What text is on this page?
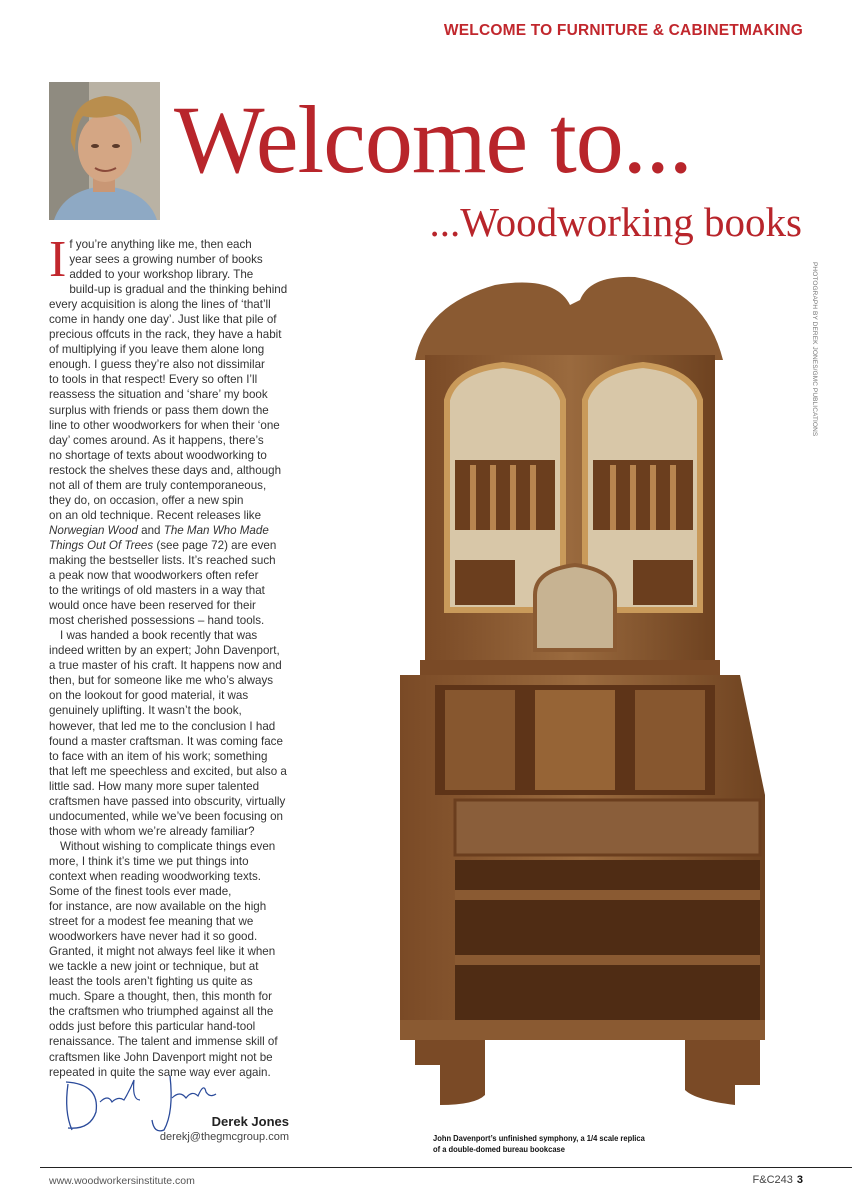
WELCOME TO FURNITURE & CABINETMAKING
Welcome to...
...Woodworking books
I f you’re anything like me, then each
year sees a growing number of books
added to your workshop library. The
build-up is gradual and the thinking behind
every acquisition is along the lines of ‘that’ll
come in handy one day’. Just like that pile of
precious offcuts in the rack, they have a habit
of multiplying if you leave them alone long
enough. I guess they’re also not dissimilar
to tools in that respect! Every so often I’ll
reassess the situation and ‘share’ my book
surplus with friends or pass them down the
line to other woodworkers for when their ‘one
day’ comes around. As it happens, there’s
no shortage of texts about woodworking to
restock the shelves these days and, although
not all of them are truly contemporaneous,
they do, on occasion, offer a new spin
on an old technique. Recent releases like
Norwegian Wood and The Man Who Made
Things Out Of Trees (see page 72) are even
making the bestseller lists. It’s reached such
a peak now that woodworkers often refer
to the writings of old masters in a way that
would once have been reserved for their
most cherished possessions – hand tools.
I was handed a book recently that was
indeed written by an expert; John Davenport,
a true master of his craft. It happens now and
then, but for someone like me who’s always
on the lookout for good material, it was
genuinely uplifting. It wasn’t the book,
however, that led me to the conclusion I had
found a master craftsman. It was coming face
to face with an item of his work; something
that left me speechless and excited, but also a
little sad. How many more super talented
craftsmen have passed into obscurity, virtually
undocumented, while we’ve been focusing on
those with whom we’re already familiar?
Without wishing to complicate things even
more, I think it’s time we put things into
context when reading woodworking texts.
Some of the finest tools ever made,
for instance, are now available on the high
street for a modest fee meaning that we
woodworkers have never had it so good.
Granted, it might not always feel like it when
we tackle a new joint or technique, but at
least the tools aren’t fighting us quite as
much. Spare a thought, then, this month for
the craftsmen who triumphed against all the
odds just before this particular hand-tool
renaissance. The talent and immense skill of
craftsmen like John Davenport might not be
repeated in quite the same way ever again.
PHOTOGRAPH BY DEREK JONES/GMC PUBLICATIONS
Derek Jones
derekj@thegmcgroup.com	John Davenport’s unfinished symphony, a 1/4 scale replica
of a double-domed bureau bookcase
www.woodworkersinstitute.com	F&C243 3
